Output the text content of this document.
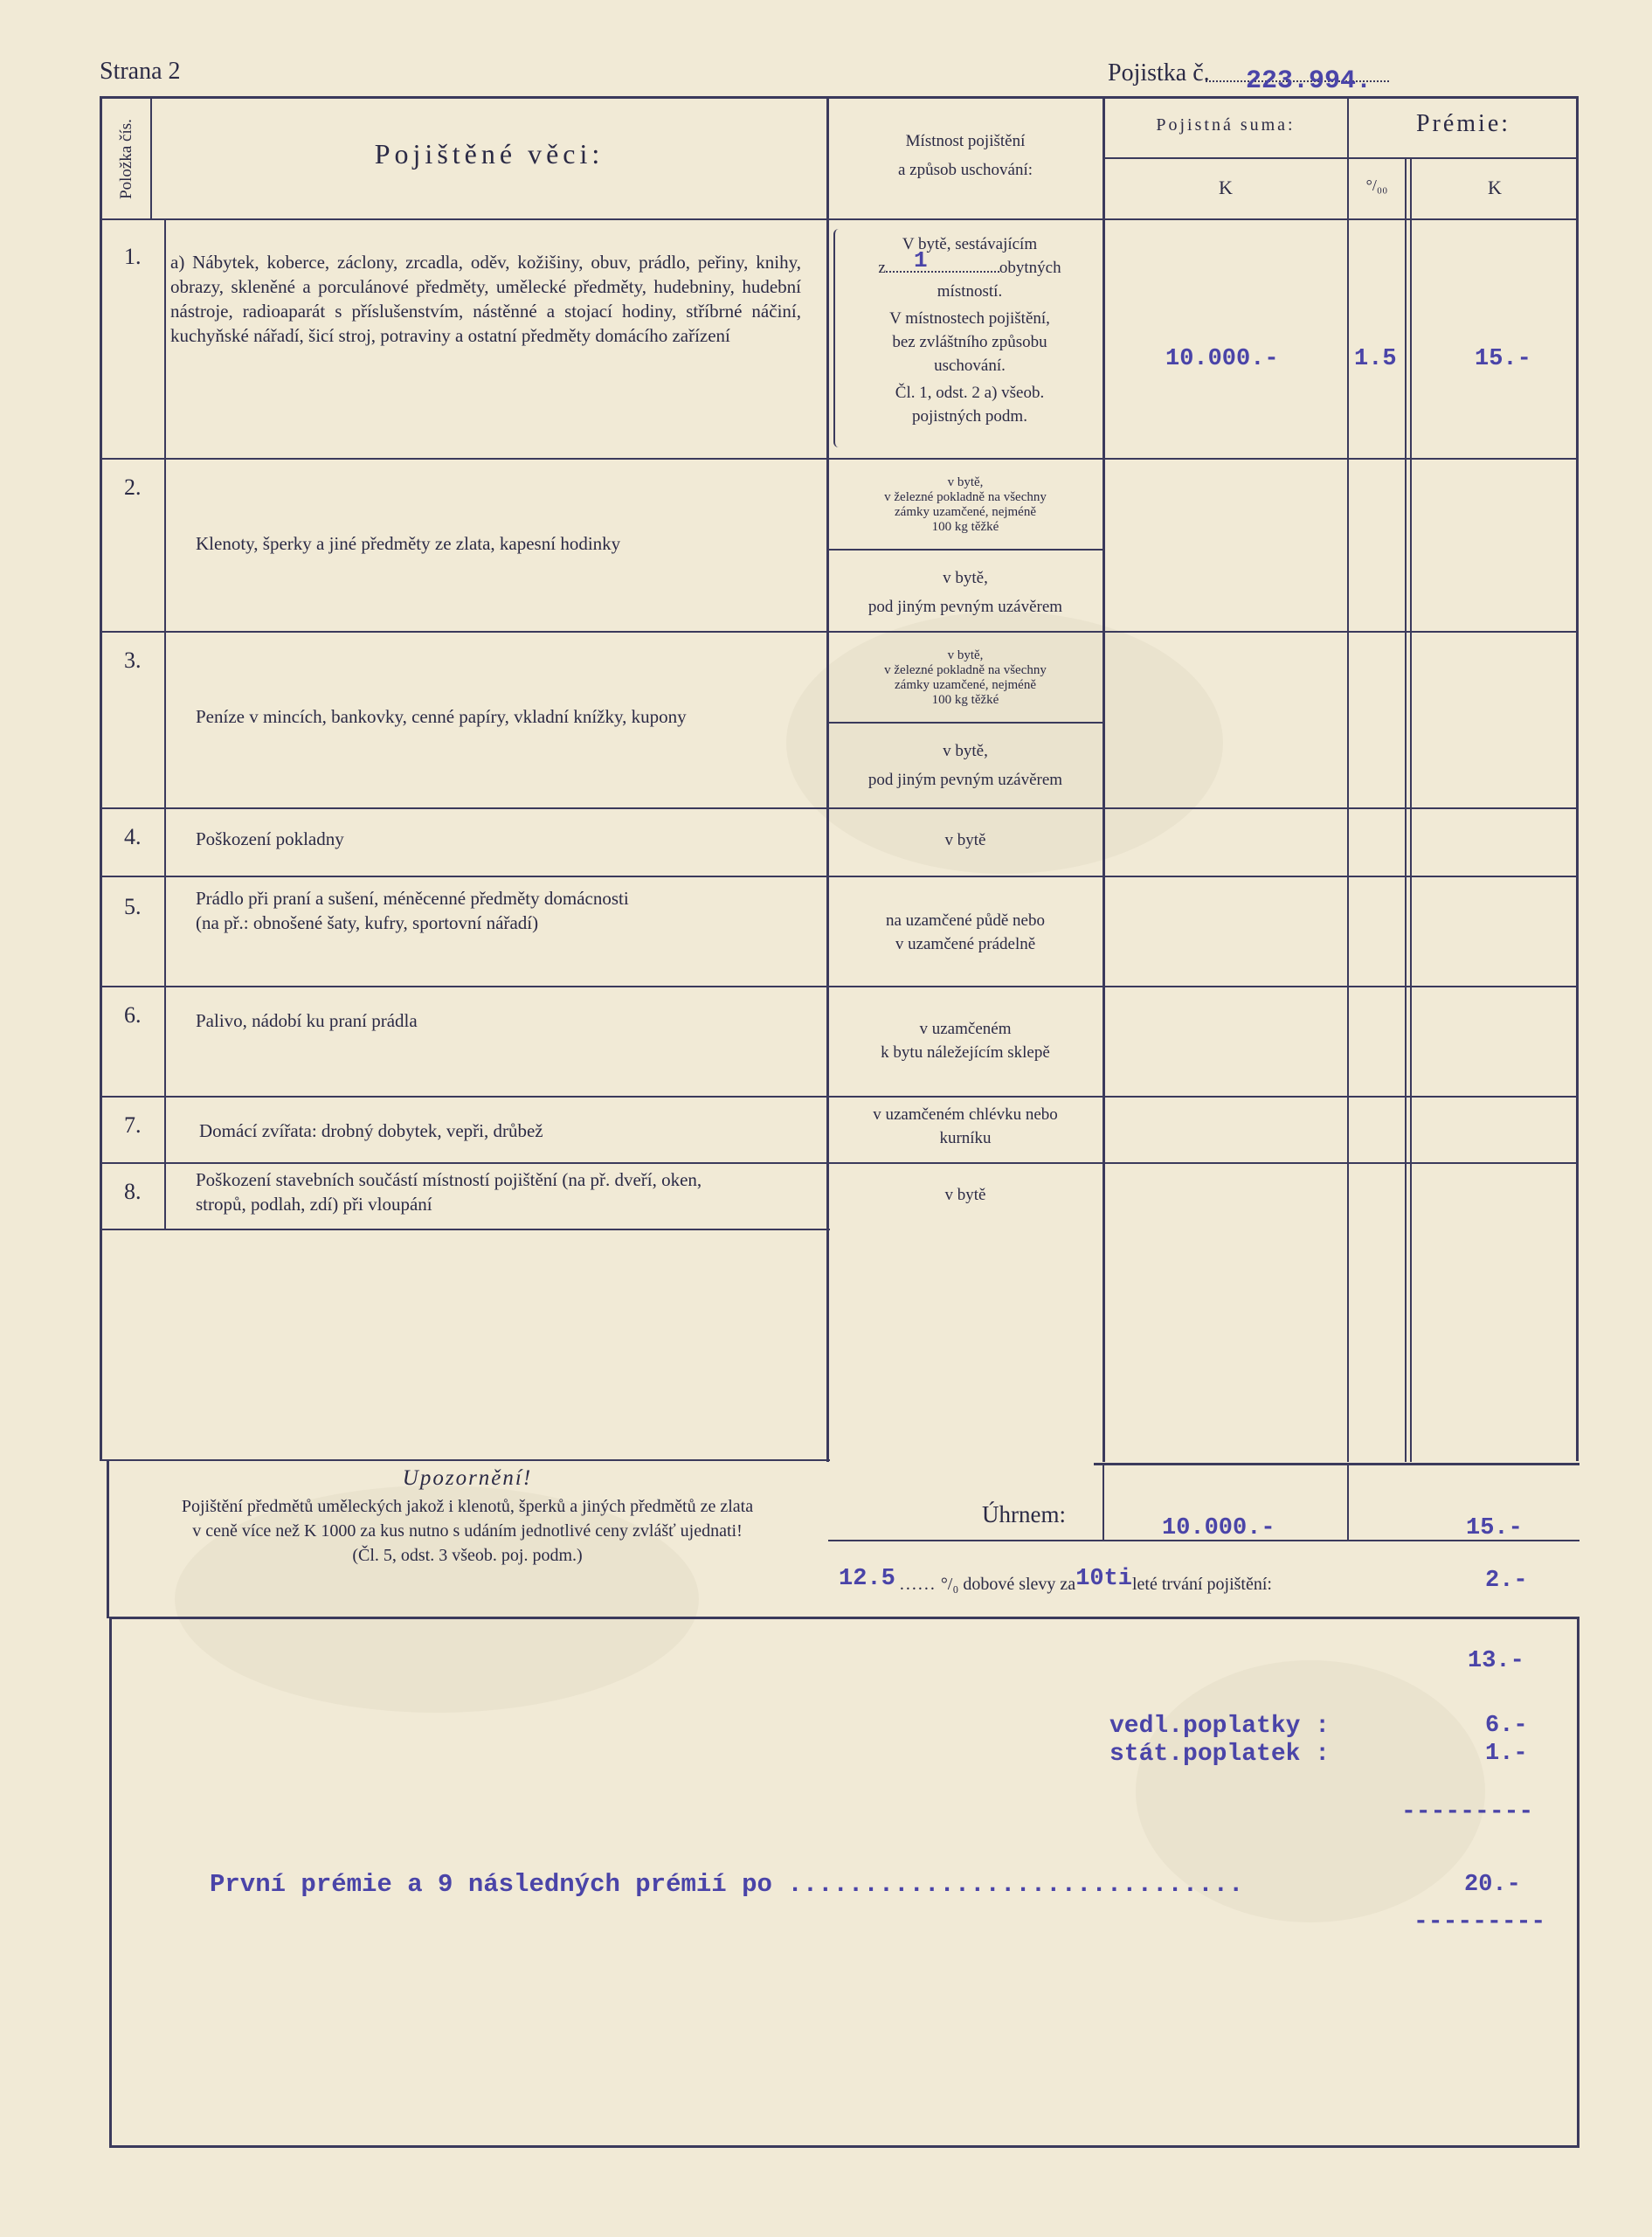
Strana 2	Pojistka č. 223.994.
Položka čís.	Pojištěné věci:	Místnost pojištění
a způsob uschování:
Pojistná suma:	Prémie:
K	°/₀₀	K
1. a) Nábytek, koberce, záclony, zrcadla, oděv, kožišiny, obuv, prádlo, peřiny, knihy, obrazy, skleněné a porculánové předměty, umělecké předměty, hudebniny, hudební nástroje, radioaparát s příslušenstvím, nástěnné a stojací hodiny, stříbrné náčiní, kuchyňské nářadí, šicí stroj, potraviny a ostatní předměty domácího zařízení
V bytě, sestávajícím
z	obytných
1
místností.
V místnostech pojištění,
bez zvláštního způsobu
uschování.
Čl. 1, odst. 2 a) všeob.
pojistných podm.
10.000.-	1.5	15.-
2.
Klenoty, šperky a jiné předměty ze zlata, kapesní hodinky
v bytě,
v železné pokladně na všechny
zámky uzamčené, nejméně
100 kg těžké
v bytě,
pod jiným pevným uzávěrem
3.
Peníze v mincích, bankovky, cenné papíry, vkladní knížky, kupony
v bytě,
v železné pokladně na všechny
zámky uzamčené, nejméně
100 kg těžké
v bytě,
pod jiným pevným uzávěrem
4.	Poškození pokladny	v bytě
5.	Prádlo při praní a sušení, méněcenné předměty domácnosti
(na př.: obnošené šaty, kufry, sportovní nářadí)	na uzamčené půdě nebo
v uzamčené prádelně
6.	Palivo, nádobí ku praní prádla	v uzamčeném
k bytu náležejícím sklepě
7.	Domácí zvířata: drobný dobytek, vepři, drůbež
v uzamčeném chlévku nebo
kurníku
8.	Poškození stavebních součástí místností pojištění (na př. dveří, oken,
stropů, podlah, zdí) při vloupání	v bytě
Upozornění!
Pojištění předmětů uměleckých jakož i klenotů, šperků a jiných předmětů ze zlata
v ceně více než K 1000 za kus nutno s udáním jednotlivé ceny zvlášť ujednati!
(Čl. 5, odst. 3 všeob. poj. podm.)
Úhrnem:
10.000.-	15.-
12.5 ...... °/₀ dobové slevy za10tileté trvání pojištění:	2.-
13.-
vedl.poplatky :	6.-
stát.poplatek :	1.-
---------
První prémie a 9 následných prémií po ..............................	20.-
---------
